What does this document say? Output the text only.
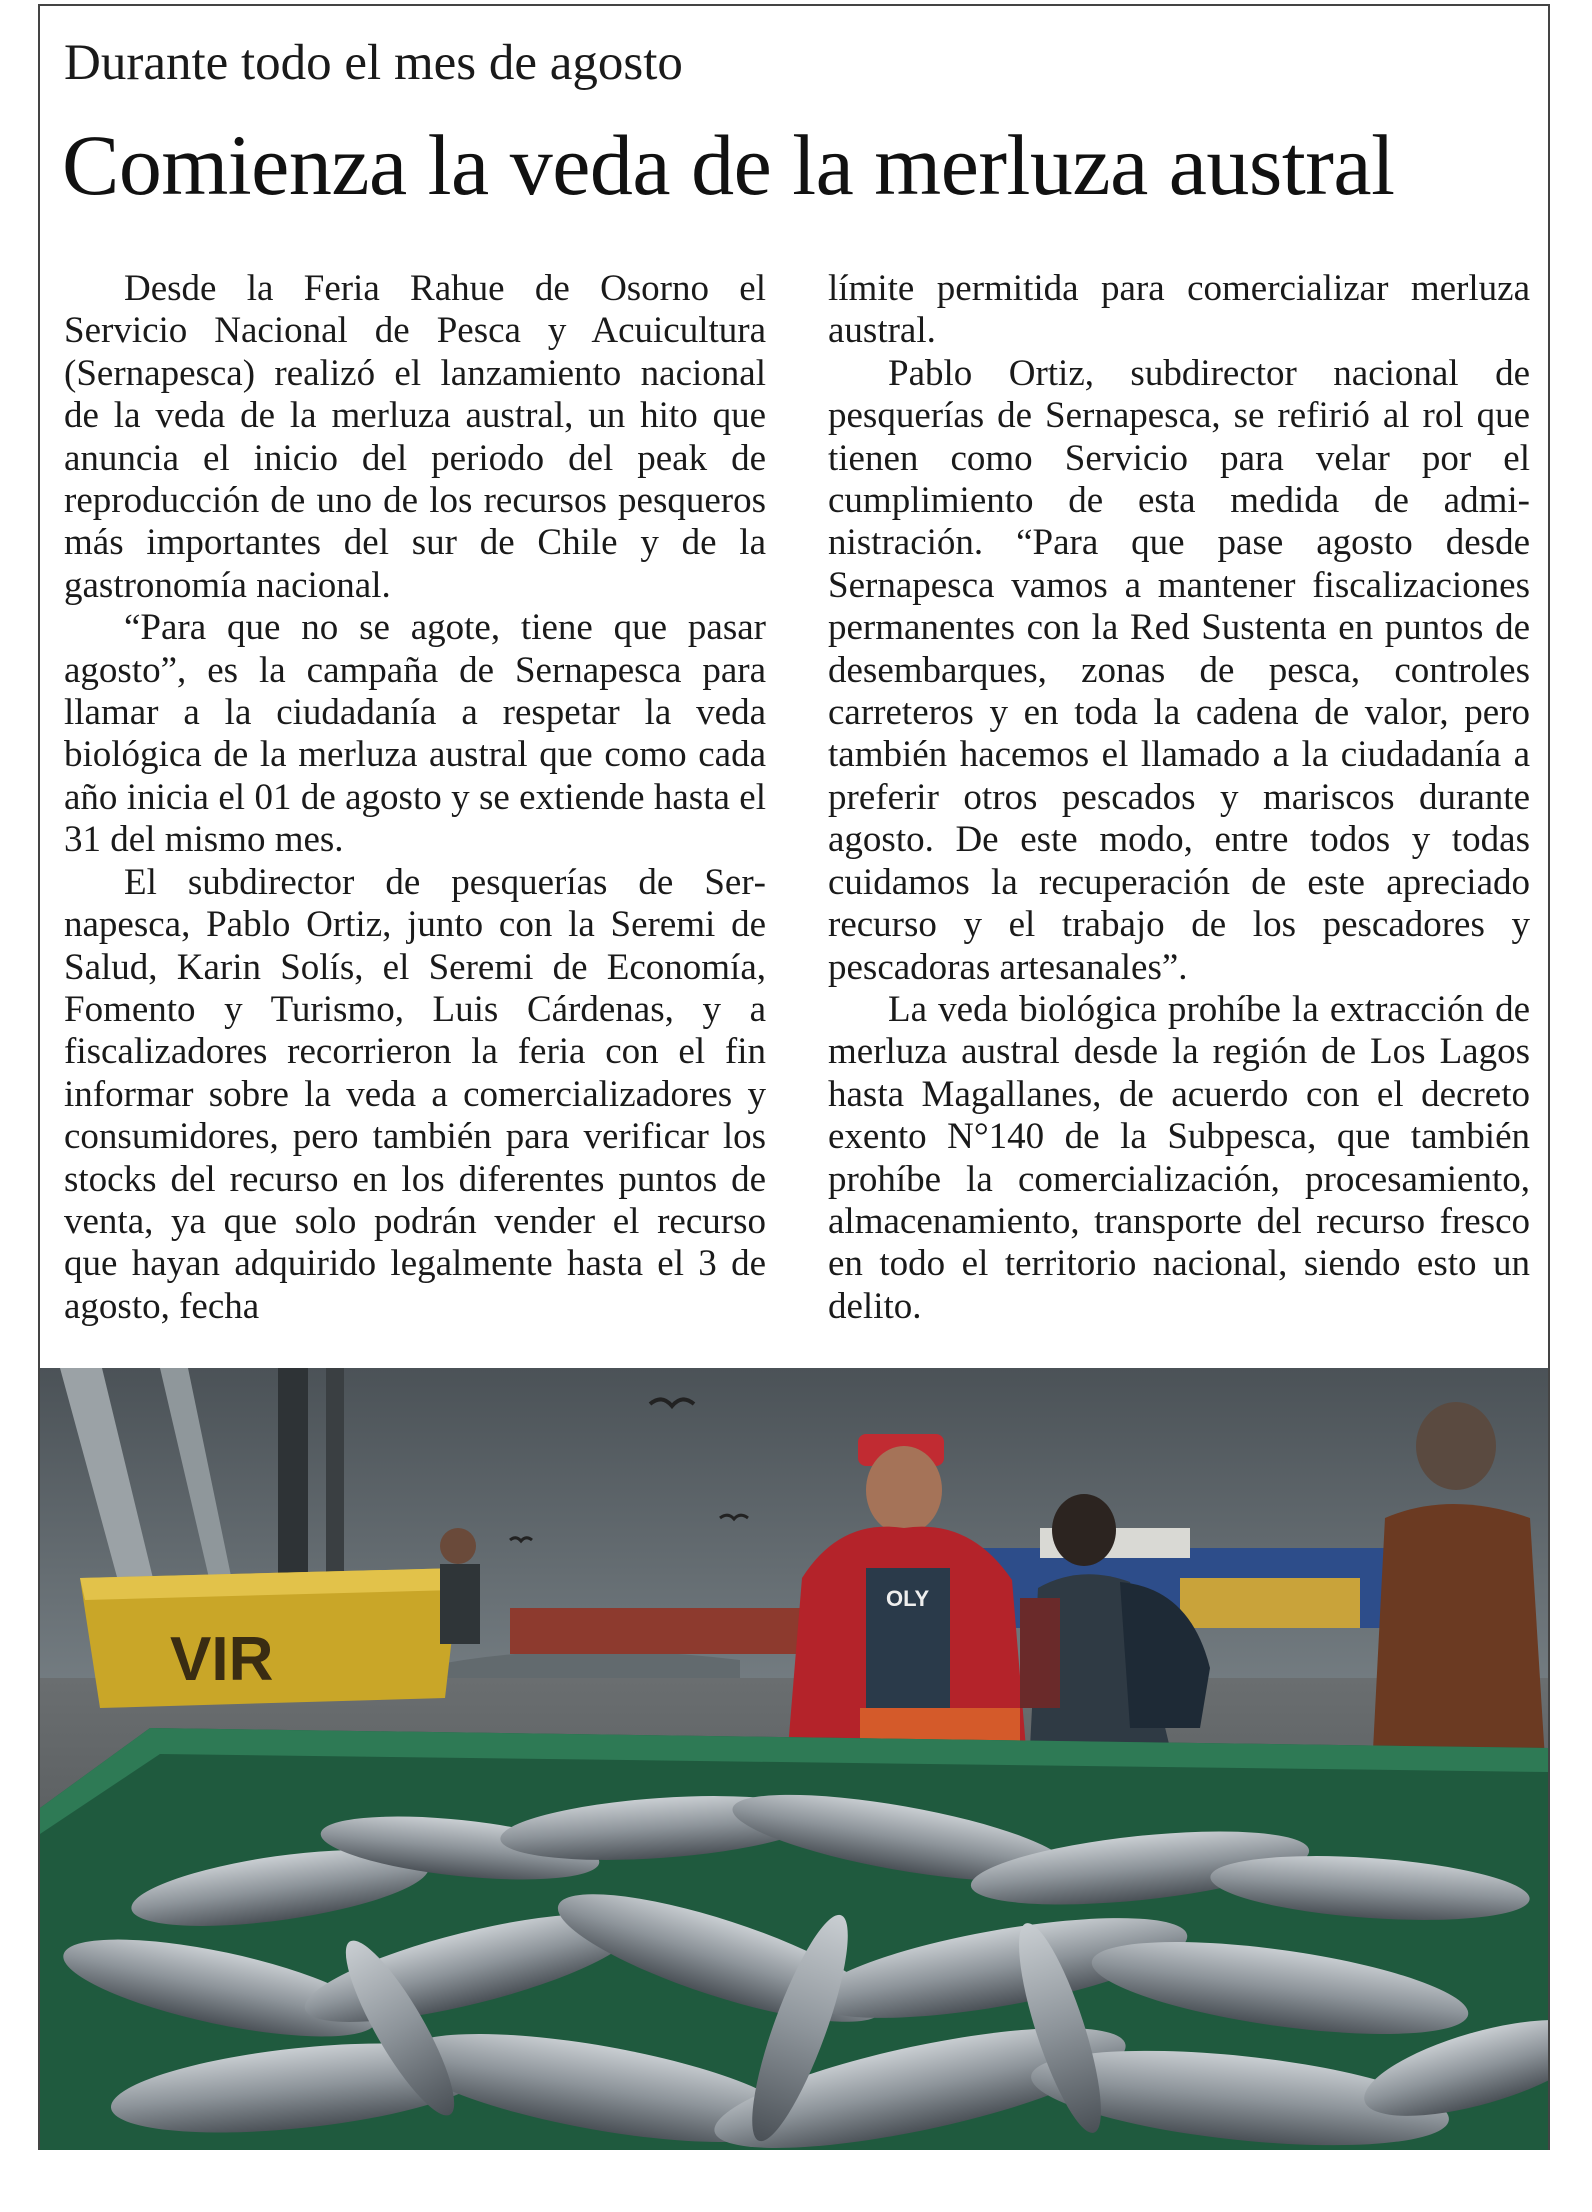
Durante todo el mes de agosto
Comienza la veda de la merluza austral

Desde la Feria Rahue de Osorno el Servicio Nacional de Pesca y Acuicultura (Sernapesca) realizó el lanzamiento nacional de la veda de la merluza austral, un hito que anuncia el inicio del periodo del peak de reproducción de uno de los recursos pesqueros más importantes del sur de Chile y de la gastronomía nacional.

“Para que no se agote, tiene que pasar agosto”, es la campaña de Sernapesca para llamar a la ciudadanía a respetar la veda biológica de la merluza austral que como cada año inicia el 01 de agosto y se extiende hasta el 31 del mismo mes.

El subdirector de pesquerías de Sernapesca, Pablo Ortiz, junto con la Seremi de Salud, Karin Solís, el Seremi de Economía, Fomento y Turismo, Luis Cárdenas, y a fiscalizadores recorrieron la feria con el fin informar sobre la veda a comercializadores y consumidores, pero también para verificar los stocks del recurso en los diferentes puntos de venta, ya que solo podrán vender el recurso que hayan adquirido legalmente hasta el 3 de agosto, fecha

límite permitida para comercializar merluza austral.

Pablo Ortiz, subdirector nacional de pesquerías de Sernapesca, se refirió al rol que tienen como Servicio para velar por el cumplimiento de esta medida de administración. “Para que pase agosto desde Sernapesca vamos a mantener fiscalizaciones permanentes con la Red Sustenta en puntos de desembarques, zonas de pesca, controles carreteros y en toda la cadena de valor, pero también hacemos el llamado a la ciudadanía a preferir otros pescados y mariscos durante agosto. De este modo, entre todos y todas cuidamos la recuperación de este apreciado recurso y el trabajo de los pescadores y pescadoras artesanales”.

La veda biológica prohíbe la extracción de merluza austral desde la región de Los Lagos hasta Magallanes, de acuerdo con el decreto exento N°140 de la Subpesca, que también prohíbe la comercialización, procesamiento, almacenamiento, transporte del recurso fresco en todo el territorio nacional, siendo esto un delito.

VIR
OLY
